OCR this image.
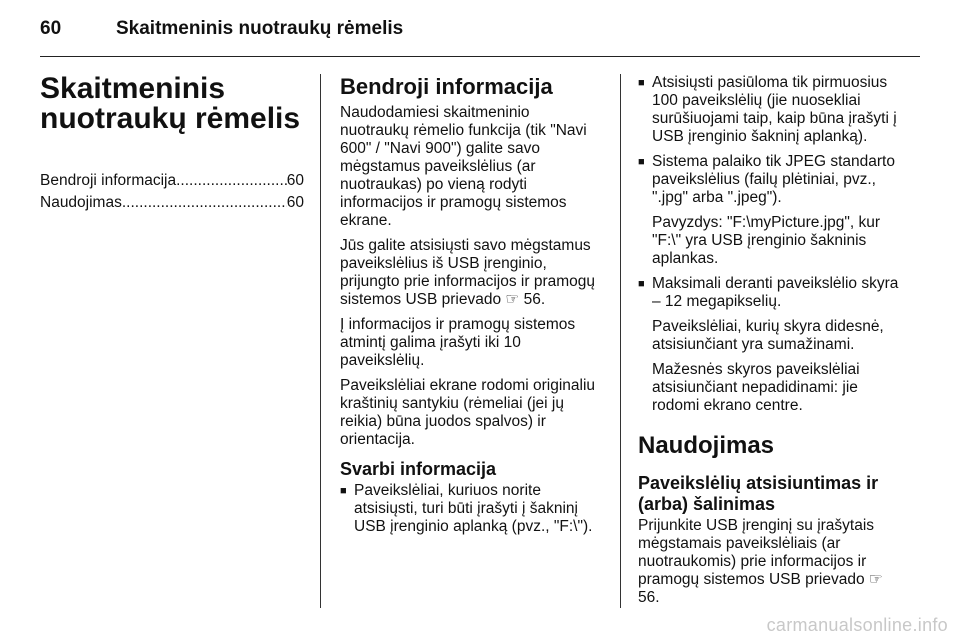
60	Skaitmeninis nuotraukų rėmelis
Skaitmeninis
nuotraukų rėmelis
Bendroji informacija .....	60
Naudojimas .....	60
Bendroji informacija

Naudodamiesi skaitmeninio nuotraukų rėmelio funkcija (tik "Navi 600" / "Navi 900") galite savo mėgstamus paveikslėlius (ar nuotraukas) po vieną rodyti informacijos ir pramogų sistemos ekrane.

Jūs galite atsisiųsti savo mėgstamus paveikslėlius iš USB įrenginio, prijungto prie informacijos ir pramogų sistemos USB prievado ☞ 56.

Į informacijos ir pramogų sistemos atmintį galima įrašyti iki 10 paveikslėlių.

Paveikslėliai ekrane rodomi originaliu kraštinių santykiu (rėmeliai (jei jų reikia) būna juodos spalvos) ir orientacija.

Svarbi informacija
■ Paveikslėliai, kuriuos norite atsisiųsti, turi būti įrašyti į šakninį USB įrenginio aplanką (pvz., "F:\").
■ Atsisiųsti pasiūloma tik pirmuosius 100 paveikslėlių (jie nuosekliai surūšiuojami taip, kaip būna įrašyti į USB įrenginio šakninį aplanką).
■ Sistema palaiko tik JPEG standarto paveikslėlius (failų plėtiniai, pvz., ".jpg" arba ".jpeg").
Pavyzdys: "F:\myPicture.jpg", kur "F:\" yra USB įrenginio šakninis aplankas.
■ Maksimali deranti paveikslėlio skyra – 12 megapikselių.
Paveikslėliai, kurių skyra didesnė, atsisiunčiant yra sumažinami.
Mažesnės skyros paveikslėliai atsisiunčiant nepadidinami: jie rodomi ekrano centre.
Naudojimas
Paveikslėlių atsisiuntimas ir (arba) šalinimas

Prijunkite USB įrenginį su įrašytais mėgstamais paveikslėliais (ar nuotraukomis) prie informacijos ir pramogų sistemos USB prievado ☞ 56.

carmanualsonline.info
